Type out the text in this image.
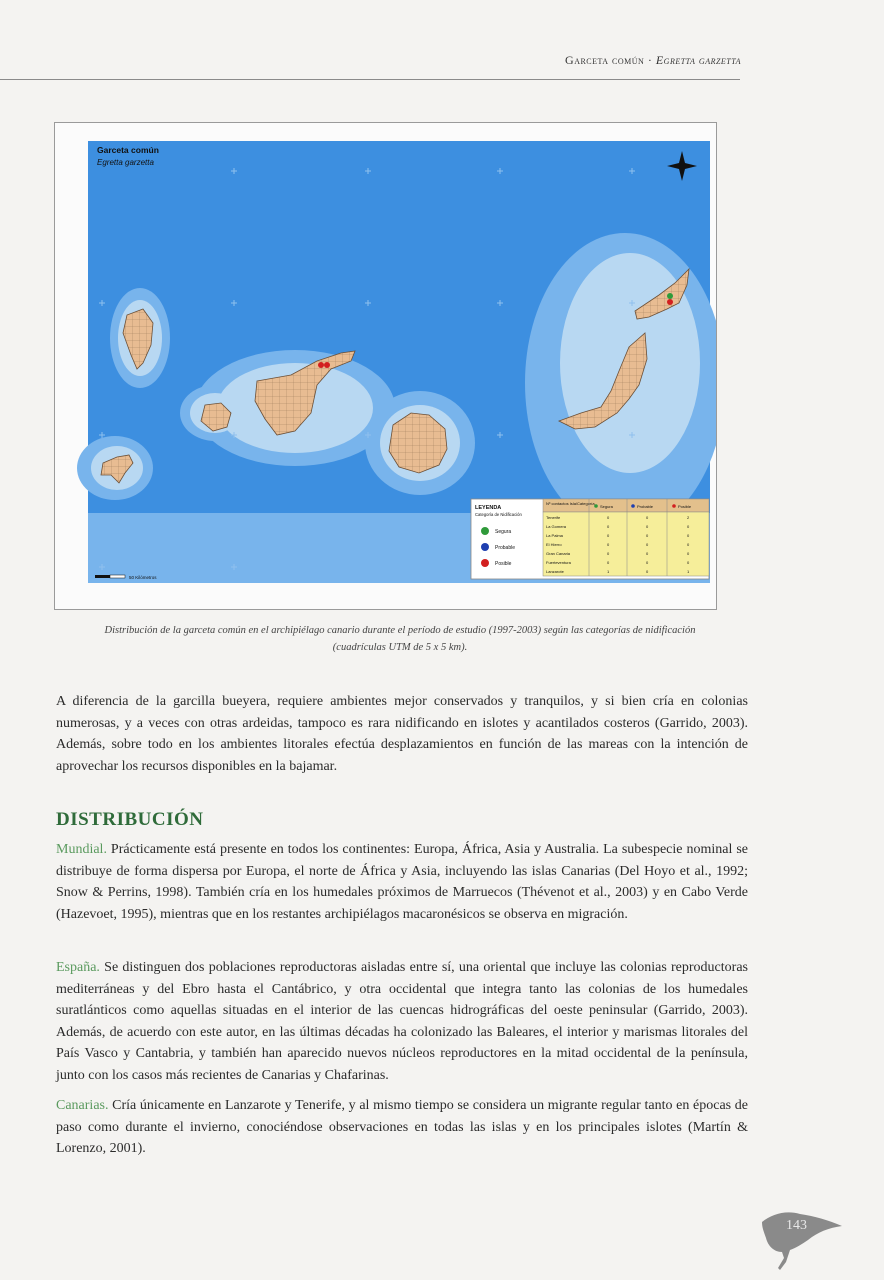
Garceta común · Egretta garzetta
Garceta común
Egretta garzetta
50 Kilómetros
LEYENDA
Categoría de Nidificación
Segura
Probable
Posible
Nº contactos Isla/Categoría
Segura	Probable	Posible
Tenerife	0	0	2
La Gomera	0	0	0
La Palma	0	0	0
El Hierro	0	0	0
Gran Canaria	0	0	0
Fuerteventura	0	0	0
Lanzarote	1	0	1
Distribución de la garceta común en el archipiélago canario durante el período de estudio (1997-2003) según las categorías de nidificación (cuadrículas UTM de 5 x 5 km).

A diferencia de la garcilla bueyera, requiere ambientes mejor conservados y tranquilos, y si bien cría en colonias numerosas, y a veces con otras ardeidas, tampoco es rara nidificando en islotes y acantilados costeros (Garrido, 2003). Además, sobre todo en los ambientes litorales efectúa desplazamientos en función de las mareas con la intención de aprovechar los recursos disponibles en la bajamar.

DISTRIBUCIÓN

Mundial. Prácticamente está presente en todos los continentes: Europa, África, Asia y Australia. La subespecie nominal se distribuye de forma dispersa por Europa, el norte de África y Asia, incluyendo las islas Canarias (Del Hoyo et al., 1992; Snow & Perrins, 1998). También cría en los humedales próximos de Marruecos (Thévenot et al., 2003) y en Cabo Verde (Hazevoet, 1995), mientras que en los restantes archipiélagos macaronésicos se observa en migración.

España. Se distinguen dos poblaciones reproductoras aisladas entre sí, una oriental que incluye las colonias reproductoras mediterráneas y del Ebro hasta el Cantábrico, y otra occidental que integra tanto las colonias de los humedales suratlánticos como aquellas situadas en el interior de las cuencas hidrográficas del oeste peninsular (Garrido, 2003). Además, de acuerdo con este autor, en las últimas décadas ha colonizado las Baleares, el interior y marismas litorales del País Vasco y Cantabria, y también han aparecido nuevos núcleos reproductores en la mitad occidental de la península, junto con los casos más recientes de Canarias y Chafarinas.

Canarias. Cría únicamente en Lanzarote y Tenerife, y al mismo tiempo se considera un migrante regular tanto en épocas de paso como durante el invierno, conociéndose observaciones en todas las islas y en los principales islotes (Martín & Lorenzo, 2001).

143
